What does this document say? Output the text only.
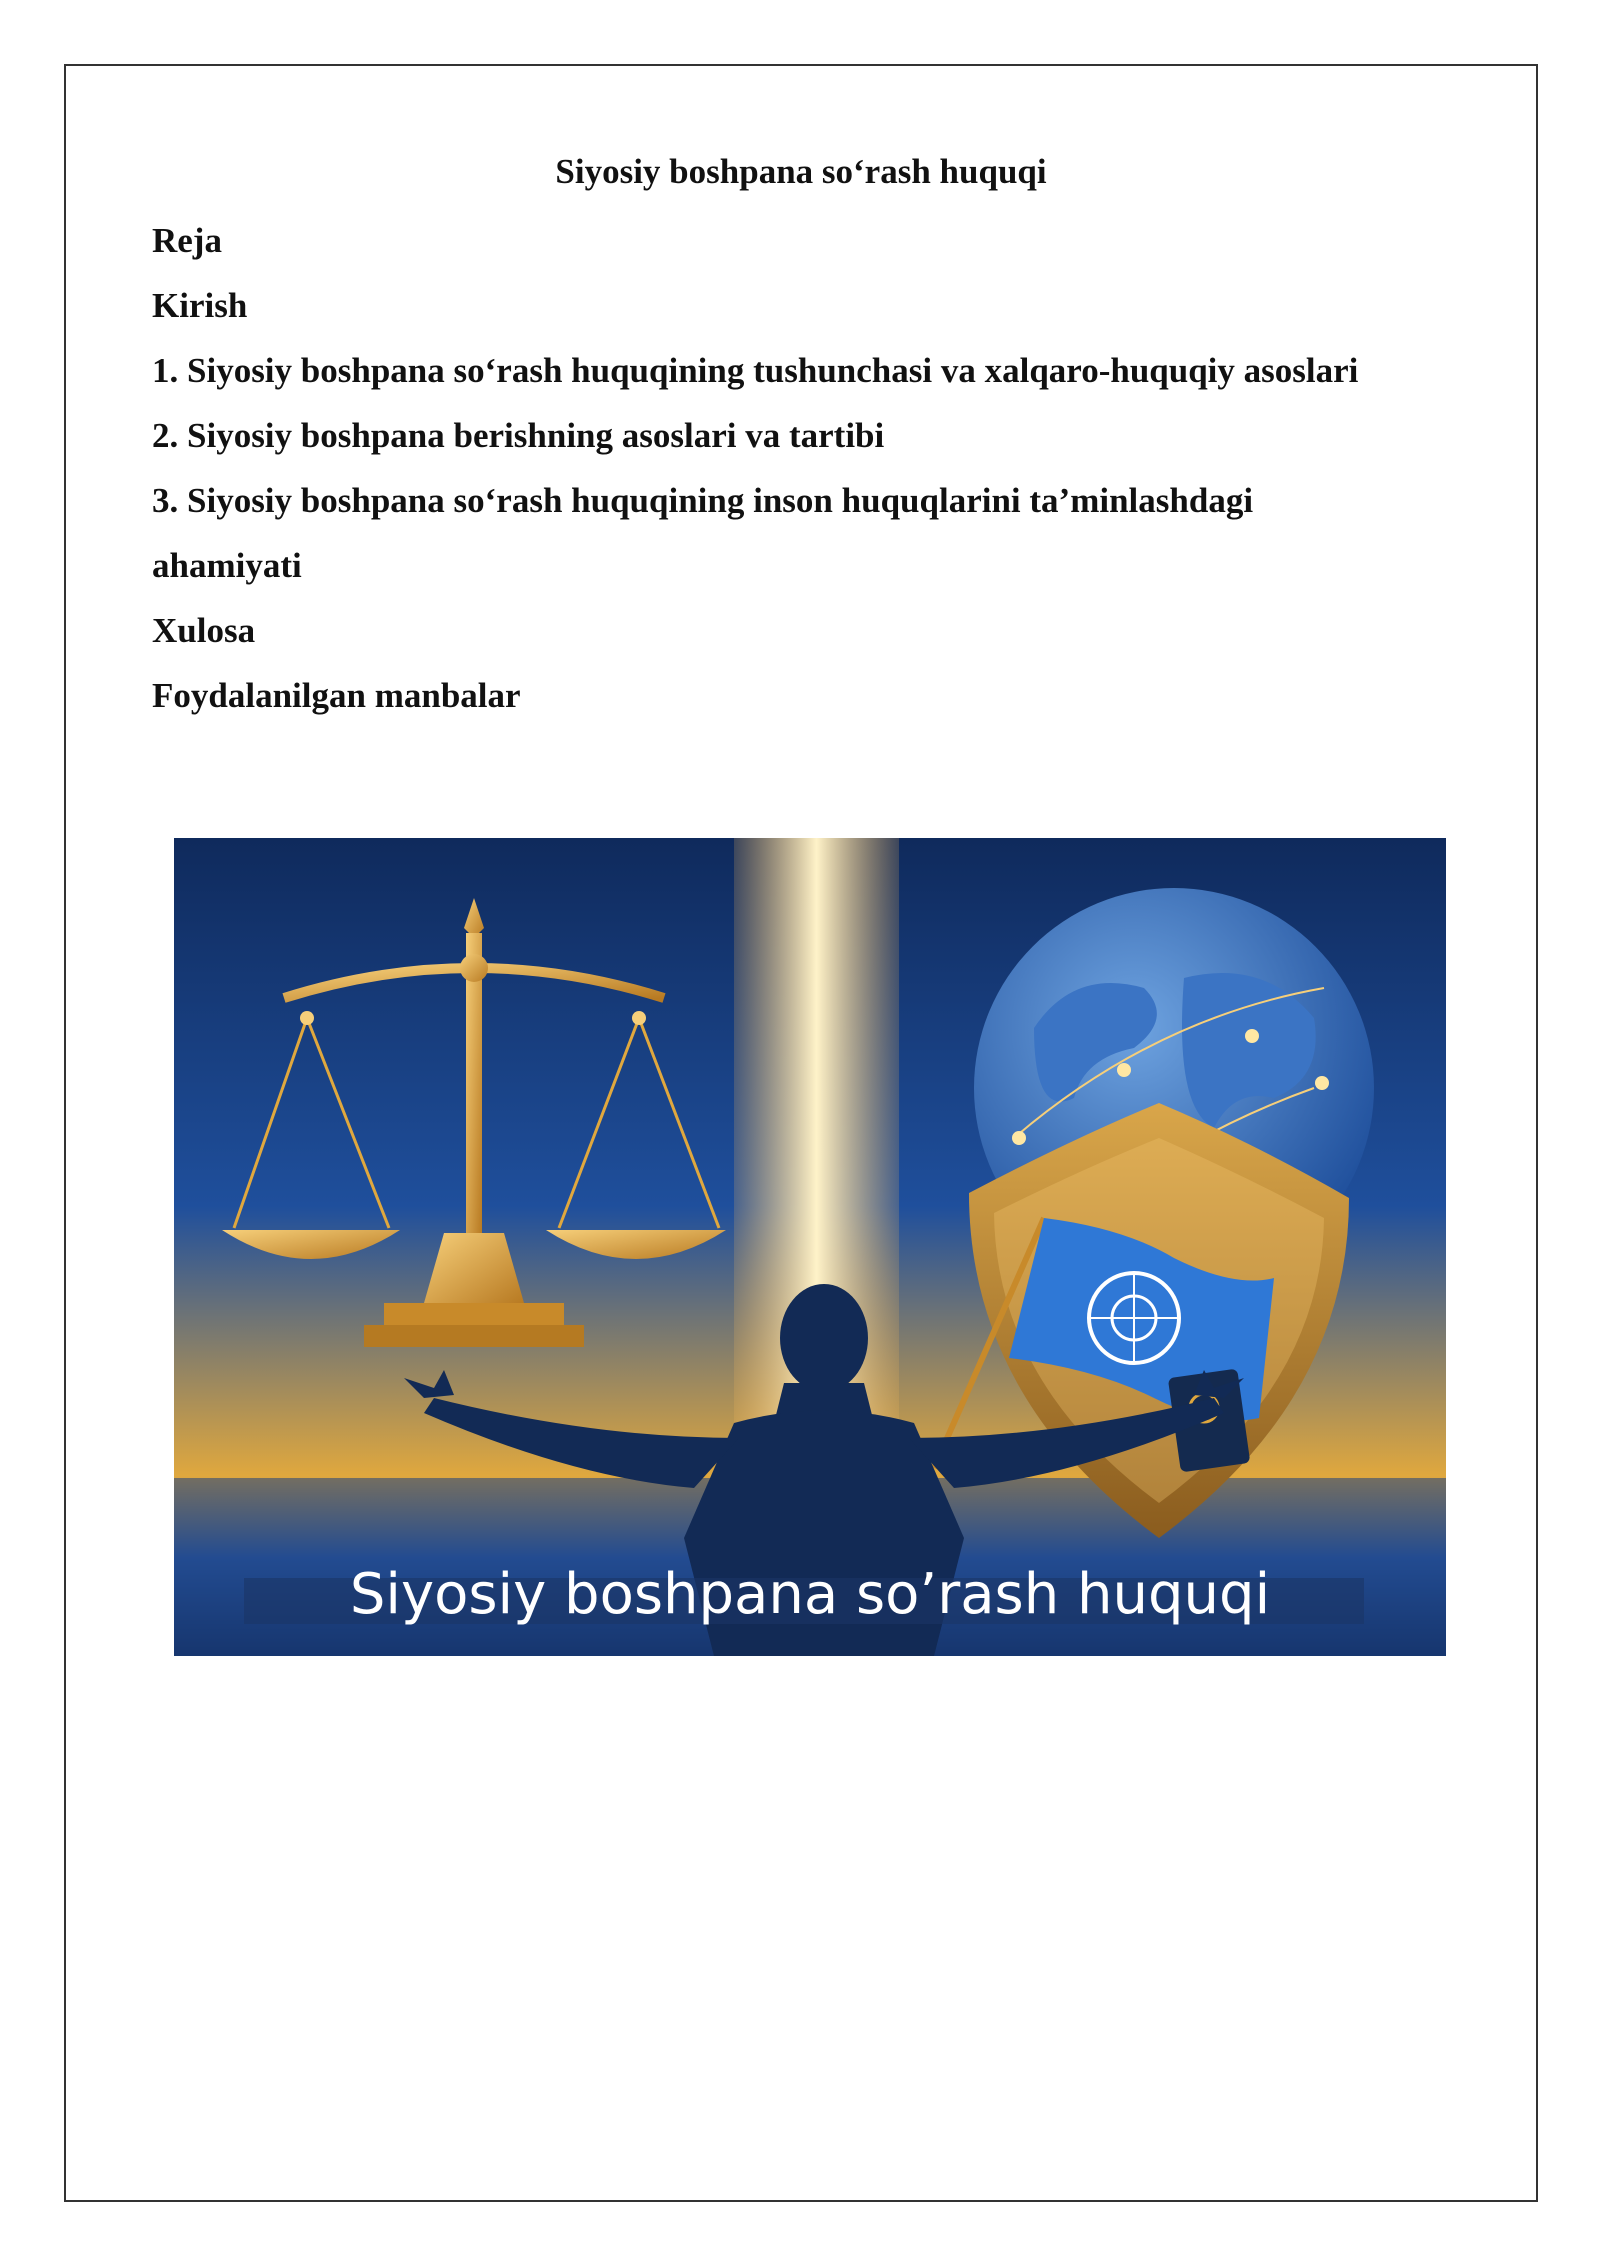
Siyosiy boshpana so‘rash huquqi
Reja
Kirish
1. Siyosiy boshpana so‘rash huquqining tushunchasi va xalqaro-huquqiy asoslari
2. Siyosiy boshpana berishning asoslari va tartibi
3. Siyosiy boshpana so‘rash huquqining inson huquqlarini ta’minlashdagi
ahamiyati
Xulosa
Foydalanilgan manbalar
Siyosiy boshpana so’rash huquqi
